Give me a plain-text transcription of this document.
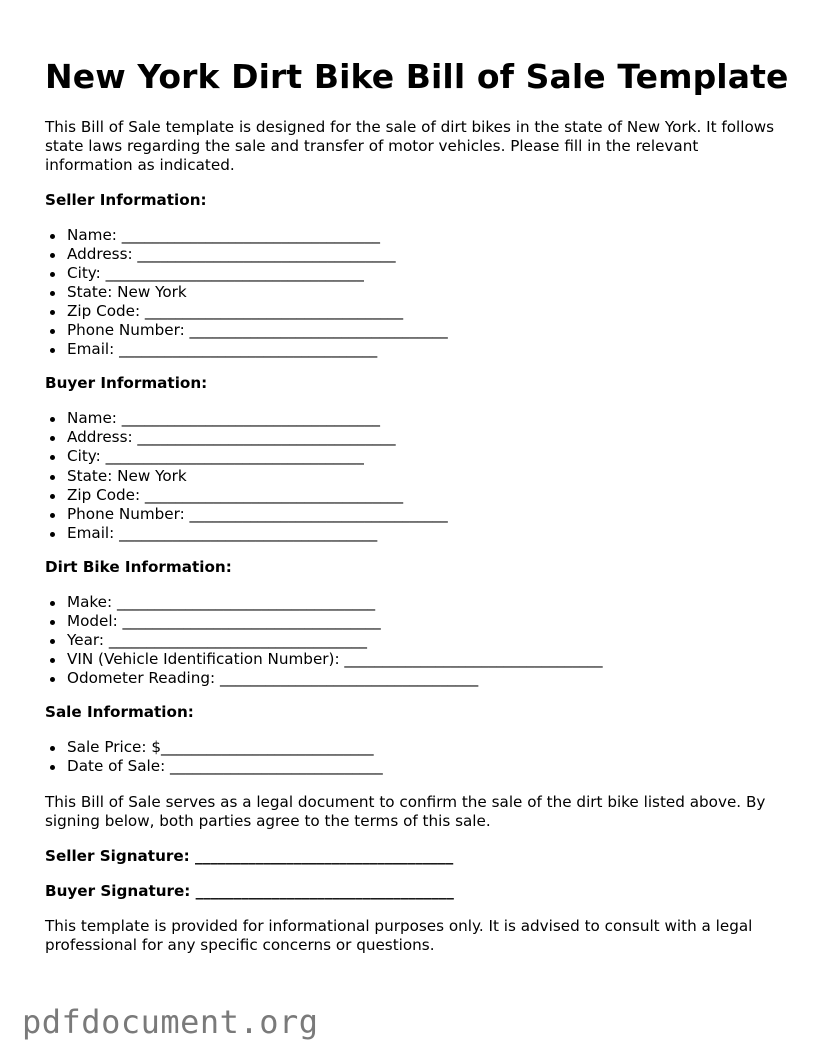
New York Dirt Bike Bill of Sale Template

This Bill of Sale template is designed for the sale of dirt bikes in the state of New York. It follows state laws regarding the sale and transfer of motor vehicles. Please fill in the relevant information as indicated.

Seller Information:
Name: __________________________________
Address: __________________________________
City: __________________________________
State: New York
Zip Code: __________________________________
Phone Number: __________________________________
Email: __________________________________
Buyer Information:
Name: __________________________________
Address: __________________________________
City: __________________________________
State: New York
Zip Code: __________________________________
Phone Number: __________________________________
Email: __________________________________
Dirt Bike Information:
Make: __________________________________
Model: __________________________________
Year: __________________________________
VIN (Vehicle Identification Number): __________________________________
Odometer Reading: __________________________________
Sale Information:
Sale Price: $____________________________
Date of Sale: ____________________________

This Bill of Sale serves as a legal document to confirm the sale of the dirt bike listed above. By signing below, both parties agree to the terms of this sale.

Seller Signature: __________________________________
Buyer Signature: __________________________________

This template is provided for informational purposes only. It is advised to consult with a legal professional for any specific concerns or questions.

pdfdocument.org
